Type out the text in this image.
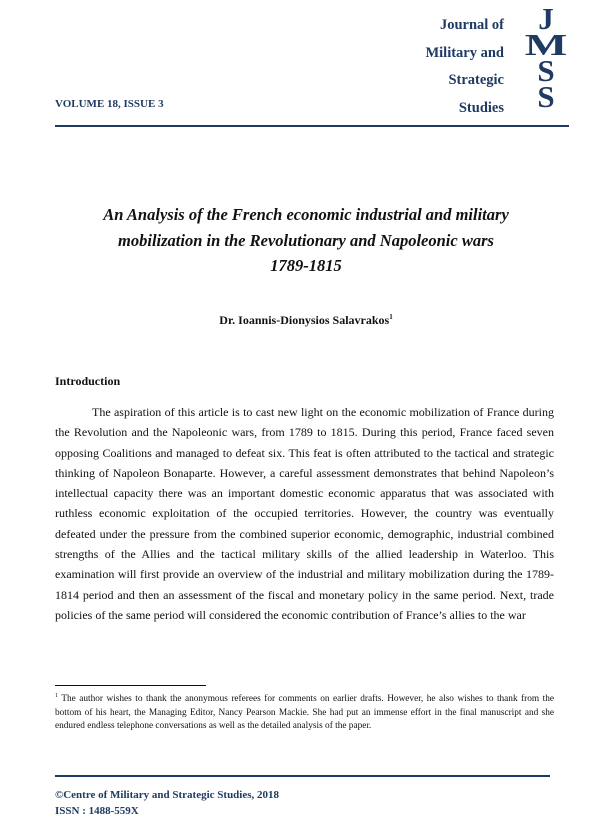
Journal of
Military and
Strategic
Studies
J
M
S
S
VOLUME 18, ISSUE 3
An Analysis of the French economic industrial and military
mobilization in the Revolutionary and Napoleonic wars
1789-1815
Dr. Ioannis-Dionysios Salavrakos$^1$
Introduction

The aspiration of this article is to cast new light on the economic mobilization of France during the Revolution and the Napoleonic wars, from 1789 to 1815. During this period, France faced seven opposing Coalitions and managed to defeat six. This feat is often attributed to the tactical and strategic thinking of Napoleon Bonaparte. However, a careful assessment demonstrates that behind Napoleon’s intellectual capacity there was an important domestic economic apparatus that was associated with ruthless economic exploitation of the occupied territories. However, the country was eventually defeated under the pressure from the combined superior economic, demographic, industrial combined strengths of the Allies and the tactical military skills of the allied leadership in Waterloo. This examination will first provide an overview of the industrial and military mobilization during the 1789-1814 period and then an assessment of the fiscal and monetary policy in the same period. Next, trade policies of the same period will considered the economic contribution of France’s allies to the war

$^1$ The author wishes to thank the anonymous referees for comments on earlier drafts. However, he also wishes to thank from the bottom of his heart, the Managing Editor, Nancy Pearson Mackie. She had put an immense effort in the final manuscript and she endured endless telephone conversations as well as the detailed analysis of the paper.

©Centre of Military and Strategic Studies, 2018
ISSN : 1488-559X
